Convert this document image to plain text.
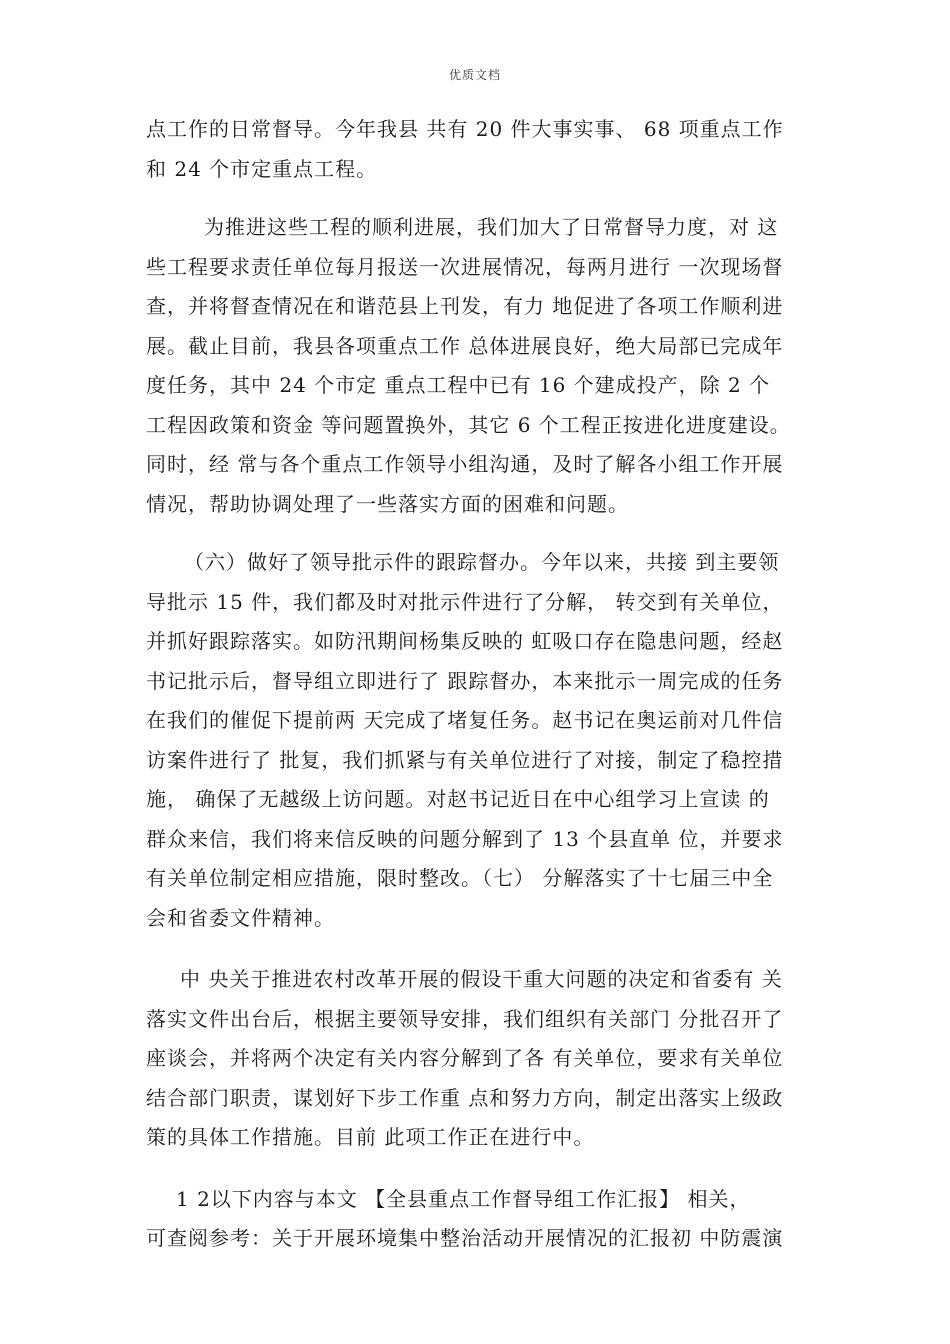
优质文档

点工作的日常督导。今年我县 共有 20 件大事实事、 68 项重点工作
和 24 个市定重点工程。

为推进这些工程的顺利进展，我们加大了日常督导力度，对 这
些工程要求责任单位每月报送一次进展情况，每两月进行 一次现场督
查，并将督查情况在和谐范县上刊发，有力 地促进了各项工作顺利进
展。截止目前，我县各项重点工作 总体进展良好，绝大局部已完成年
度任务，其中 24 个市定 重点工程中已有 16 个建成投产，除 2 个
工程因政策和资金 等问题置换外，其它 6 个工程正按进化进度建设。
同时，经 常与各个重点工作领导小组沟通，及时了解各小组工作开展
情况，帮助协调处理了一些落实方面的困难和问题。

（六）做好了领导批示件的跟踪督办。今年以来，共接 到主要领
导批示 15 件，我们都及时对批示件进行了分解， 转交到有关单位，
并抓好跟踪落实。如防汛期间杨集反映的 虹吸口存在隐患问题，经赵
书记批示后，督导组立即进行了 跟踪督办，本来批示一周完成的任务
在我们的催促下提前两 天完成了堵复任务。赵书记在奥运前对几件信
访案件进行了 批复，我们抓紧与有关单位进行了对接，制定了稳控措
施， 确保了无越级上访问题。对赵书记近日在中心组学习上宣读 的
群众来信，我们将来信反映的问题分解到了 13 个县直单 位，并要求
有关单位制定相应措施，限时整改。（七） 分解落实了十七届三中全
会和省委文件精神。

中 央关于推进农村改革开展的假设干重大问题的决定和省委有 关
落实文件出台后，根据主要领导安排，我们组织有关部门 分批召开了
座谈会，并将两个决定有关内容分解到了各 有关单位，要求有关单位
结合部门职责，谋划好下步工作重 点和努力方向，制定出落实上级政
策的具体工作措施。目前 此项工作正在进行中。

1 2以下内容与本文 【全县重点工作督导组工作汇报】 相关，
可查阅参考：关于开展环境集中整治活动开展情况的汇报初 中防震演
